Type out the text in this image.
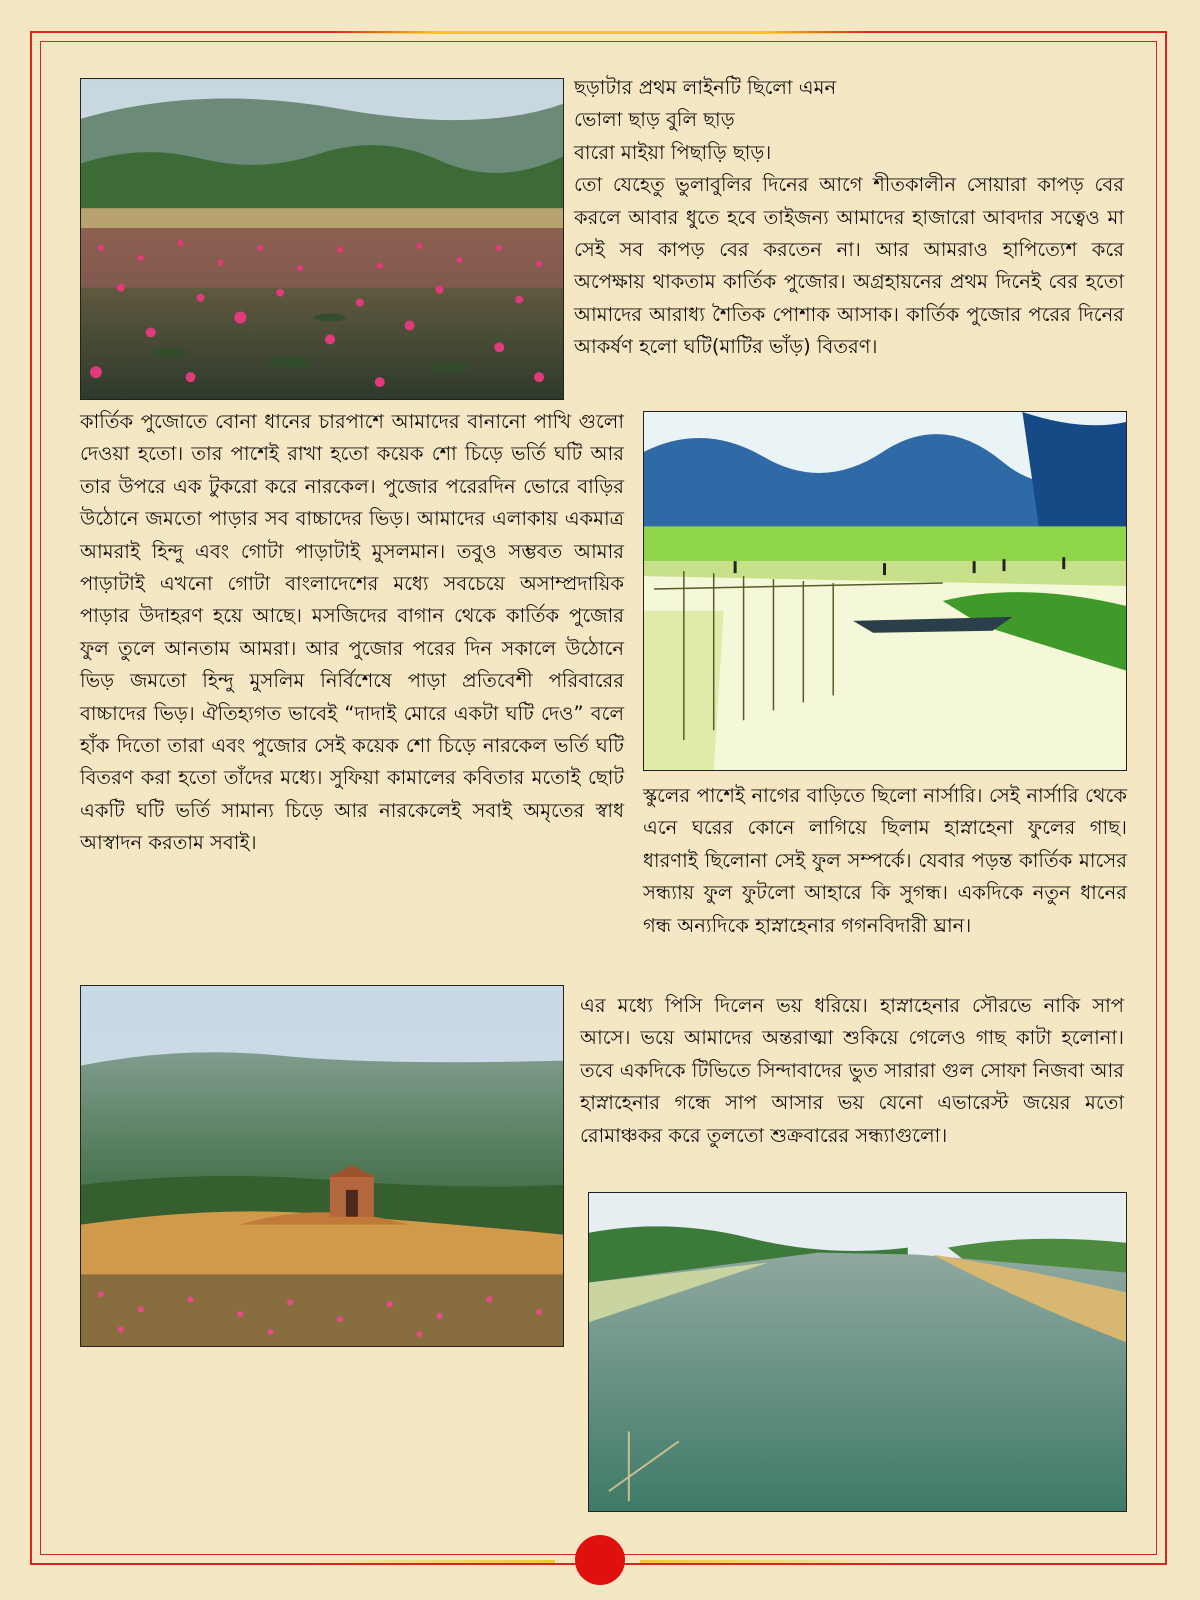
ছড়াটার প্রথম লাইনটি ছিলো এমন
ভোলা ছাড় বুলি ছাড়
বারো মাইয়া পিছাড়ি ছাড়।

তো যেহেতু ভুলাবুলির দিনের আগে শীতকালীন সোয়ারা কাপড় বের করলে আবার ধুতে হবে তাইজন্য আমাদের হাজারো আবদার সত্বেও মা সেই সব কাপড় বের করতেন না। আর আমরাও হাপিত্যেশ করে অপেক্ষায় থাকতাম কার্তিক পুজোর। অগ্রহায়নের প্রথম দিনেই বের হতো আমাদের আরাধ্য শৈতিক পোশাক আসাক। কার্তিক পুজোর পরের দিনের আকর্ষণ হলো ঘটি(মাটির ভাঁড়) বিতরণ।

কার্তিক পুজোতে বোনা ধানের চারপাশে আমাদের বানানো পাখি গুলো দেওয়া হতো। তার পাশেই রাখা হতো কয়েক শো চিড়ে ভর্তি ঘটি আর তার উপরে এক টুকরো করে নারকেল। পুজোর পরেরদিন ভোরে বাড়ির উঠোনে জমতো পাড়ার সব বাচ্চাদের ভিড়। আমাদের এলাকায় একমাত্র আমরাই হিন্দু এবং গোটা পাড়াটাই মুসলমান। তবুও সম্ভবত আমার পাড়াটাই এখনো গোটা বাংলাদেশের মধ্যে সবচেয়ে অসাম্প্রদায়িক পাড়ার উদাহরণ হয়ে আছে। মসজিদের বাগান থেকে কার্তিক পুজোর ফুল তুলে আনতাম আমরা। আর পুজোর পরের দিন সকালে উঠোনে ভিড় জমতো হিন্দু মুসলিম নির্বিশেষে পাড়া প্রতিবেশী পরিবারের বাচ্চাদের ভিড়। ঐতিহ্যগত ভাবেই “দাদাই মোরে একটা ঘটি দেও” বলে হাঁক দিতো তারা এবং পুজোর সেই কয়েক শো চিড়ে নারকেল ভর্তি ঘটি বিতরণ করা হতো তাঁদের মধ্যে। সুফিয়া কামালের কবিতার মতোই ছোট একটি ঘটি ভর্তি সামান্য চিড়ে আর নারকেলেই সবাই অমৃতের স্বাধ আস্বাদন করতাম সবাই।

স্কুলের পাশেই নাগের বাড়িতে ছিলো নার্সারি। সেই নার্সারি থেকে এনে ঘরের কোনে লাগিয়ে ছিলাম হাস্নাহেনা ফুলের গাছ। ধারণাই ছিলোনা সেই ফুল সম্পর্কে। যেবার পড়ন্ত কার্তিক মাসের সন্ধ্যায় ফুল ফুটলো আহারে কি সুগন্ধ। একদিকে নতুন ধানের গন্ধ অন্যদিকে হাস্নাহেনার গগনবিদারী ঘ্রান।

এর মধ্যে পিসি দিলেন ভয় ধরিয়ে। হাস্নাহেনার সৌরভে নাকি সাপ আসে। ভয়ে আমাদের অন্তরাত্মা শুকিয়ে গেলেও গাছ কাটা হলোনা। তবে একদিকে টিভিতে সিন্দাবাদের ভুত সারারা গুল সোফা নিজবা আর হাস্নাহেনার গন্ধে সাপ আসার ভয় যেনো এভারেস্ট জয়ের মতো রোমাঞ্চকর করে তুলতো শুক্রবারের সন্ধ্যাগুলো।
